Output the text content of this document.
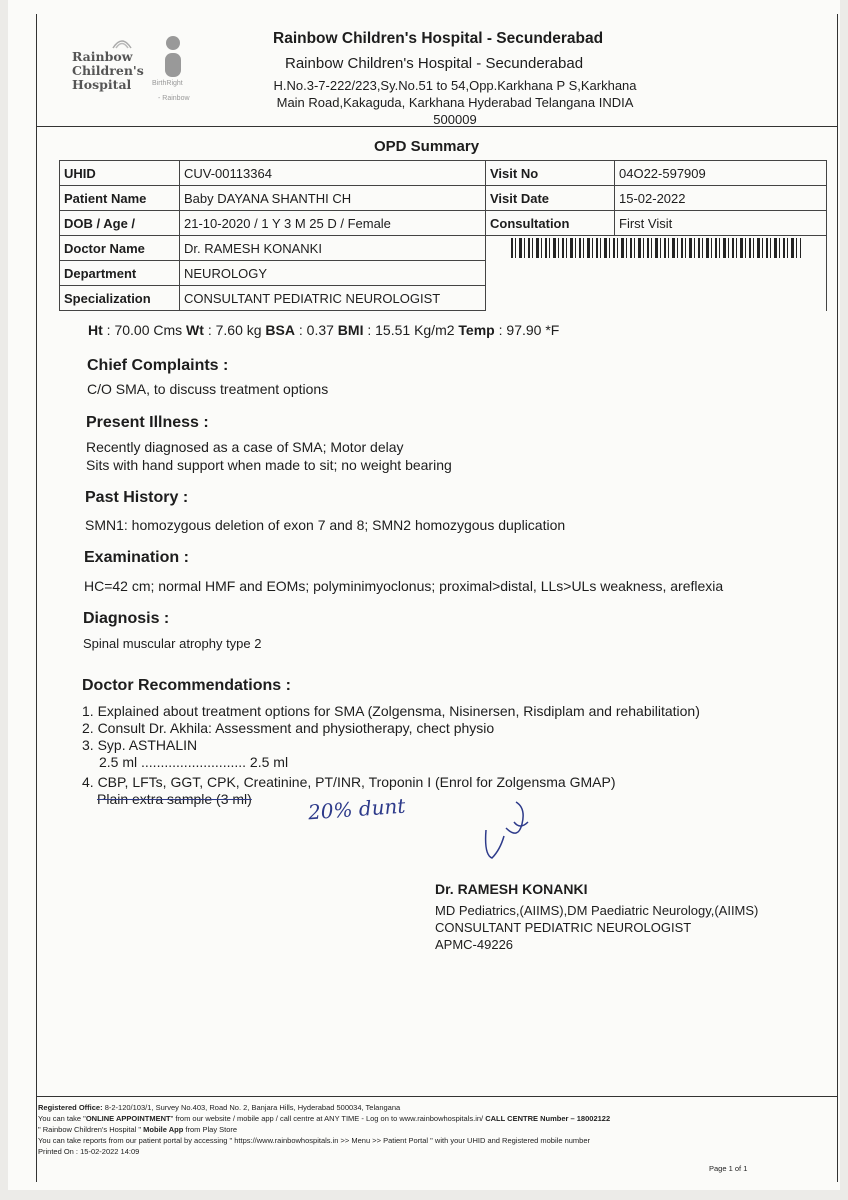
Rainbow
Children's
Hospital	BirthRight
- Rainbow
Rainbow Children's Hospital - Secunderabad
Rainbow Children's Hospital - Secunderabad
H.No.3-7-222/223,Sy.No.51 to 54,Opp.Karkhana P S,Karkhana
Main Road,Kakaguda, Karkhana Hyderabad Telangana INDIA
500009
OPD Summary
UHID	CUV-00113364	Visit No	04O22-597909
Patient Name	Baby DAYANA SHANTHI CH	Visit Date	15-02-2022
DOB / Age /	21-10-2020 / 1 Y 3 M 25 D / Female	Consultation	First Visit
Doctor Name	Dr. RAMESH KONANKI		

Department	NEUROLOGY		
Specialization	CONSULTANT PEDIATRIC NEUROLOGIST		
Ht : 70.00 Cms Wt : 7.60 kg BSA : 0.37 BMI : 15.51 Kg/m2 Temp : 97.90 *F
Chief Complaints :
C/O SMA, to discuss treatment options
Present Illness :
Recently diagnosed as a case of SMA; Motor delay
Sits with hand support when made to sit; no weight bearing
Past History :
SMN1: homozygous deletion of exon 7 and 8; SMN2 homozygous duplication
Examination :
HC=42 cm; normal HMF and EOMs; polyminimyoclonus; proximal>distal, LLs>ULs weakness, areflexia
Diagnosis :
Spinal muscular atrophy type 2
Doctor Recommendations :
1. Explained about treatment options for SMA (Zolgensma, Nisinersen, Risdiplam and rehabilitation)
2. Consult Dr. Akhila: Assessment and physiotherapy, chect physio
3. Syp. ASTHALIN
2.5 ml ........................... 2.5 ml
4. CBP, LFTs, GGT, CPK, Creatinine, PT/INR, Troponin I (Enrol for Zolgensma GMAP)
Plain extra sample (3 ml)	20% dunt
Dr. RAMESH KONANKI
MD Pediatrics,(AIIMS),DM Paediatric Neurology,(AIIMS)
CONSULTANT PEDIATRIC NEUROLOGIST
APMC-49226
Registered Office: 8-2-120/103/1, Survey No.403, Road No. 2, Banjara Hills, Hyderabad 500034, Telangana
You can take "ONLINE APPOINTMENT" from our website / mobile app / call centre at ANY TIME - Log on to www.rainbowhospitals.in/ CALL CENTRE Number – 18002122
" Rainbow Children's Hospital " Mobile App from Play Store
You can take reports from our patient portal by accessing " https://www.rainbowhospitals.in >> Menu >> Patient Portal " with your UHID and Registered mobile number
Printed On : 15-02-2022 14:09
Page 1 of 1
